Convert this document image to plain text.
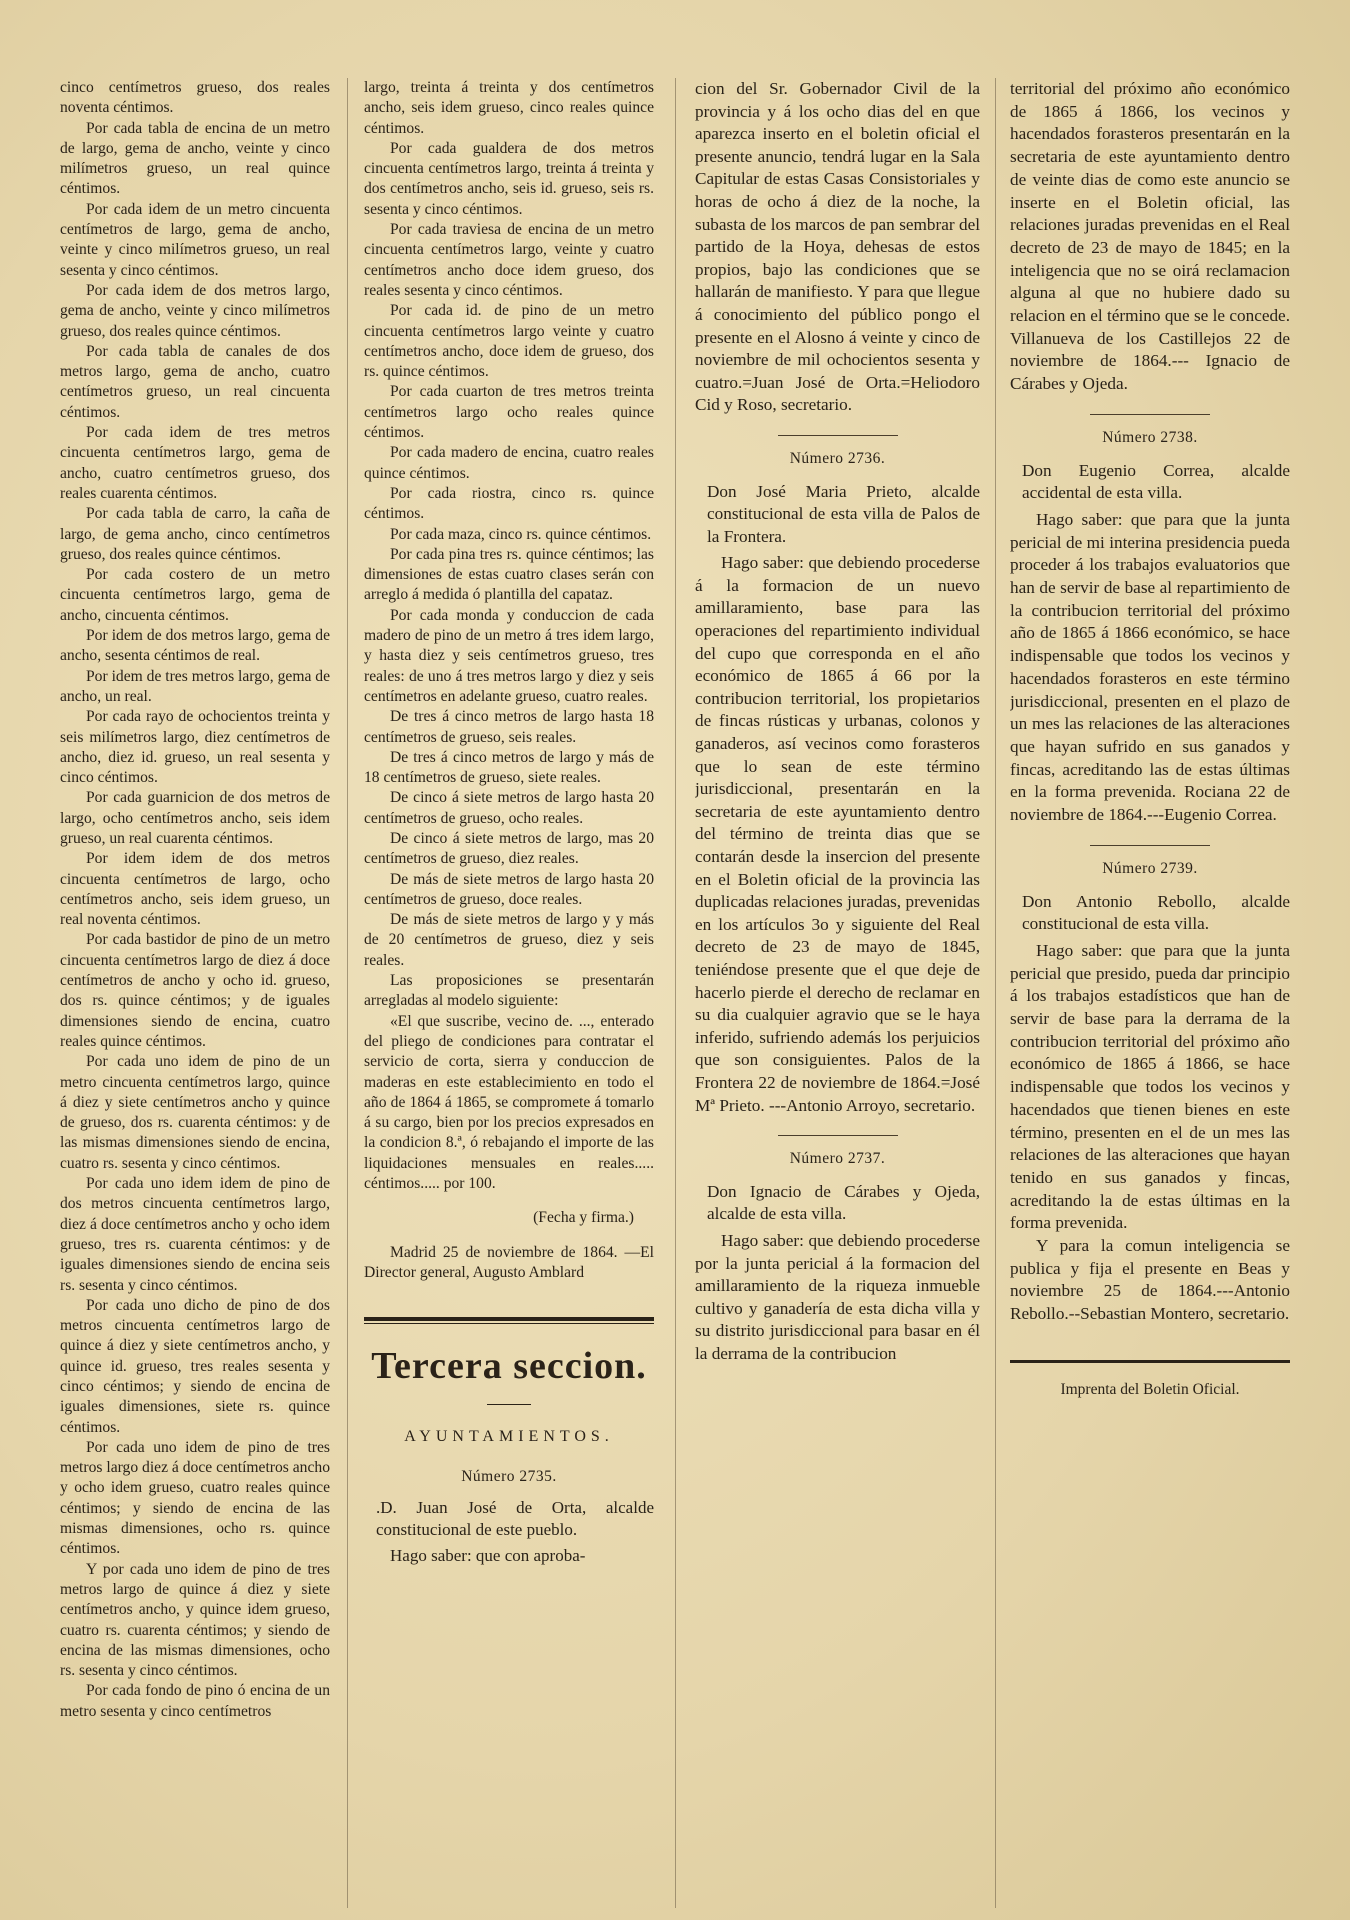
cinco centímetros grueso, dos reales noventa céntimos.

Por cada tabla de encina de un metro de largo, gema de ancho, veinte y cinco milímetros grueso, un real quince céntimos.

Por cada idem de un metro cincuenta centímetros de largo, gema de ancho, veinte y cinco milímetros grueso, un real sesenta y cinco céntimos.

Por cada idem de dos metros largo, gema de ancho, veinte y cinco milímetros grueso, dos reales quince céntimos.

Por cada tabla de canales de dos metros largo, gema de ancho, cuatro centímetros grueso, un real cincuenta céntimos.

Por cada idem de tres metros cincuenta centímetros largo, gema de ancho, cuatro centímetros grueso, dos reales cuarenta céntimos.

Por cada tabla de carro, la caña de largo, de gema ancho, cinco centímetros grueso, dos reales quince céntimos.

Por cada costero de un metro cincuenta centímetros largo, gema de ancho, cincuenta céntimos.

Por idem de dos metros largo, gema de ancho, sesenta céntimos de real.

Por idem de tres metros largo, gema de ancho, un real.

Por cada rayo de ochocientos treinta y seis milímetros largo, diez centímetros de ancho, diez id. grueso, un real sesenta y cinco céntimos.

Por cada guarnicion de dos metros de largo, ocho centímetros ancho, seis idem grueso, un real cuarenta céntimos.

Por idem idem de dos metros cincuenta centímetros de largo, ocho centímetros ancho, seis idem grueso, un real noventa céntimos.

Por cada bastidor de pino de un metro cincuenta centímetros largo de diez á doce centímetros de ancho y ocho id. grueso, dos rs. quince céntimos; y de iguales dimensiones siendo de encina, cuatro reales quince céntimos.

Por cada uno idem de pino de un metro cincuenta centímetros largo, quince á diez y siete centímetros ancho y quince de grueso, dos rs. cuarenta céntimos: y de las mismas dimensiones siendo de encina, cuatro rs. sesenta y cinco céntimos.

Por cada uno idem idem de pino de dos metros cincuenta centímetros largo, diez á doce centímetros ancho y ocho idem grueso, tres rs. cuarenta céntimos: y de iguales dimensiones siendo de encina seis rs. sesenta y cinco céntimos.

Por cada uno dicho de pino de dos metros cincuenta centímetros largo de quince á diez y siete centímetros ancho, y quince id. grueso, tres reales sesenta y cinco céntimos; y siendo de encina de iguales dimensiones, siete rs. quince céntimos.

Por cada uno idem de pino de tres metros largo diez á doce centímetros ancho y ocho idem grueso, cuatro reales quince céntimos; y siendo de encina de las mismas dimensiones, ocho rs. quince céntimos.

Y por cada uno idem de pino de tres metros largo de quince á diez y siete centímetros ancho, y quince idem grueso, cuatro rs. cuarenta céntimos; y siendo de encina de las mismas dimensiones, ocho rs. sesenta y cinco céntimos.

Por cada fondo de pino ó encina de un metro sesenta y cinco centímetros

largo, treinta á treinta y dos centímetros ancho, seis idem grueso, cinco reales quince céntimos.

Por cada gualdera de dos metros cincuenta centímetros largo, treinta á treinta y dos centímetros ancho, seis id. grueso, seis rs. sesenta y cinco céntimos.

Por cada traviesa de encina de un metro cincuenta centímetros largo, veinte y cuatro centímetros ancho doce idem grueso, dos reales sesenta y cinco céntimos.

Por cada id. de pino de un metro cincuenta centímetros largo veinte y cuatro centímetros ancho, doce idem de grueso, dos rs. quince céntimos.

Por cada cuarton de tres metros treinta centímetros largo ocho reales quince céntimos.

Por cada madero de encina, cuatro reales quince céntimos.

Por cada riostra, cinco rs. quince céntimos.

Por cada maza, cinco rs. quince céntimos.

Por cada pina tres rs. quince céntimos; las dimensiones de estas cuatro clases serán con arreglo á medida ó plantilla del capataz.

Por cada monda y conduccion de cada madero de pino de un metro á tres idem largo, y hasta diez y seis centímetros grueso, tres reales: de uno á tres metros largo y diez y seis centímetros en adelante grueso, cuatro reales.

De tres á cinco metros de largo hasta 18 centímetros de grueso, seis reales.

De tres á cinco metros de largo y más de 18 centímetros de grueso, siete reales.

De cinco á siete metros de largo hasta 20 centímetros de grueso, ocho reales.

De cinco á siete metros de largo, mas 20 centímetros de grueso, diez reales.

De más de siete metros de largo hasta 20 centímetros de grueso, doce reales.

De más de siete metros de largo y y más de 20 centímetros de grueso, diez y seis reales.

Las proposiciones se presentarán arregladas al modelo siguiente:

«El que suscribe, vecino de. ..., enterado del pliego de condiciones para contratar el servicio de corta, sierra y conduccion de maderas en este establecimiento en todo el año de 1864 á 1865, se compromete á tomarlo á su cargo, bien por los precios expresados en la condicion 8.ª, ó rebajando el importe de las liquidaciones mensuales en reales..... céntimos..... por 100.

(Fecha y firma.)

Madrid 25 de noviembre de 1864. —El Director general, Augusto Amblard

Tercera seccion.
AYUNTAMIENTOS.
Número 2735.

.D. Juan José de Orta, alcalde constitucional de este pueblo.

Hago saber: que con aproba-

cion del Sr. Gobernador Civil de la provincia y á los ocho dias del en que aparezca inserto en el boletin oficial el presente anuncio, tendrá lugar en la Sala Capitular de estas Casas Consistoriales y horas de ocho á diez de la noche, la subasta de los marcos de pan sembrar del partido de la Hoya, dehesas de estos propios, bajo las condiciones que se hallarán de manifiesto. Y para que llegue á conocimiento del público pongo el presente en el Alosno á veinte y cinco de noviembre de mil ochocientos sesenta y cuatro.=Juan José de Orta.=Heliodoro Cid y Roso, secretario.

Número 2736.

Don José Maria Prieto, alcalde constitucional de esta villa de Palos de la Frontera.

Hago saber: que debiendo procederse á la formacion de un nuevo amillaramiento, base para las operaciones del repartimiento individual del cupo que corresponda en el año económico de 1865 á 66 por la contribucion territorial, los propietarios de fincas rústicas y urbanas, colonos y ganaderos, así vecinos como forasteros que lo sean de este término jurisdiccional, presentarán en la secretaria de este ayuntamiento dentro del término de treinta dias que se contarán desde la insercion del presente en el Boletin oficial de la provincia las duplicadas relaciones juradas, prevenidas en los artículos 3o y siguiente del Real decreto de 23 de mayo de 1845, teniéndose presente que el que deje de hacerlo pierde el derecho de reclamar en su dia cualquier agravio que se le haya inferido, sufriendo además los perjuicios que son consiguientes. Palos de la Frontera 22 de noviembre de 1864.=José Mª Prieto. ---Antonio Arroyo, secretario.

Número 2737.

Don Ignacio de Cárabes y Ojeda, alcalde de esta villa.

Hago saber: que debiendo procederse por la junta pericial á la formacion del amillaramiento de la riqueza inmueble cultivo y ganadería de esta dicha villa y su distrito jurisdiccional para basar en él la derrama de la contribucion

territorial del próximo año económico de 1865 á 1866, los vecinos y hacendados forasteros presentarán en la secretaria de este ayuntamiento dentro de veinte dias de como este anuncio se inserte en el Boletin oficial, las relaciones juradas prevenidas en el Real decreto de 23 de mayo de 1845; en la inteligencia que no se oirá reclamacion alguna al que no hubiere dado su relacion en el término que se le concede. Villanueva de los Castillejos 22 de noviembre de 1864.--- Ignacio de Cárabes y Ojeda.

Número 2738.

Don Eugenio Correa, alcalde accidental de esta villa.

Hago saber: que para que la junta pericial de mi interina presidencia pueda proceder á los trabajos evaluatorios que han de servir de base al repartimiento de la contribucion territorial del próximo año de 1865 á 1866 económico, se hace indispensable que todos los vecinos y hacendados forasteros en este término jurisdiccional, presenten en el plazo de un mes las relaciones de las alteraciones que hayan sufrido en sus ganados y fincas, acreditando las de estas últimas en la forma prevenida. Rociana 22 de noviembre de 1864.---Eugenio Correa.

Número 2739.

Don Antonio Rebollo, alcalde constitucional de esta villa.

Hago saber: que para que la junta pericial que presido, pueda dar principio á los trabajos estadísticos que han de servir de base para la derrama de la contribucion territorial del próximo año económico de 1865 á 1866, se hace indispensable que todos los vecinos y hacendados que tienen bienes en este término, presenten en el de un mes las relaciones de las alteraciones que hayan tenido en sus ganados y fincas, acreditando la de estas últimas en la forma prevenida.

Y para la comun inteligencia se publica y fija el presente en Beas y noviembre 25 de 1864.---Antonio Rebollo.--Sebastian Montero, secretario.

Imprenta del Boletin Oficial.
